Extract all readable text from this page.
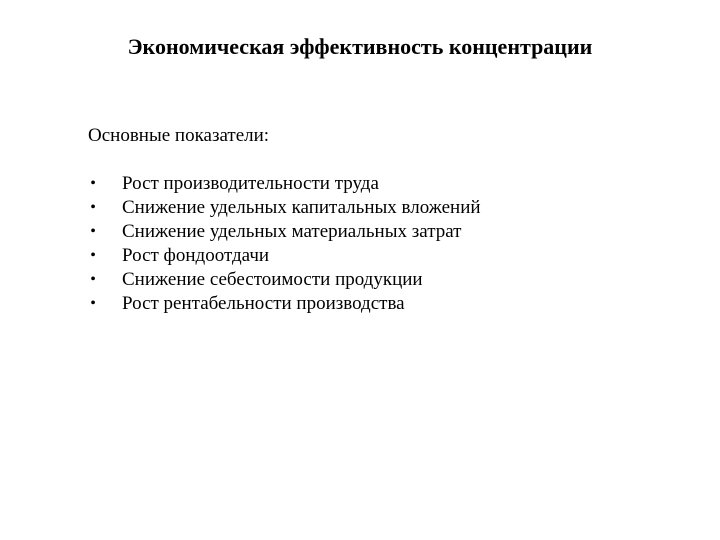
Экономическая эффективность концентрации
Основные показатели:
• Рост производительности труда
• Снижение удельных капитальных вложений
• Снижение удельных материальных затрат
• Рост фондоотдачи
• Снижение себестоимости продукции
• Рост рентабельности производства
